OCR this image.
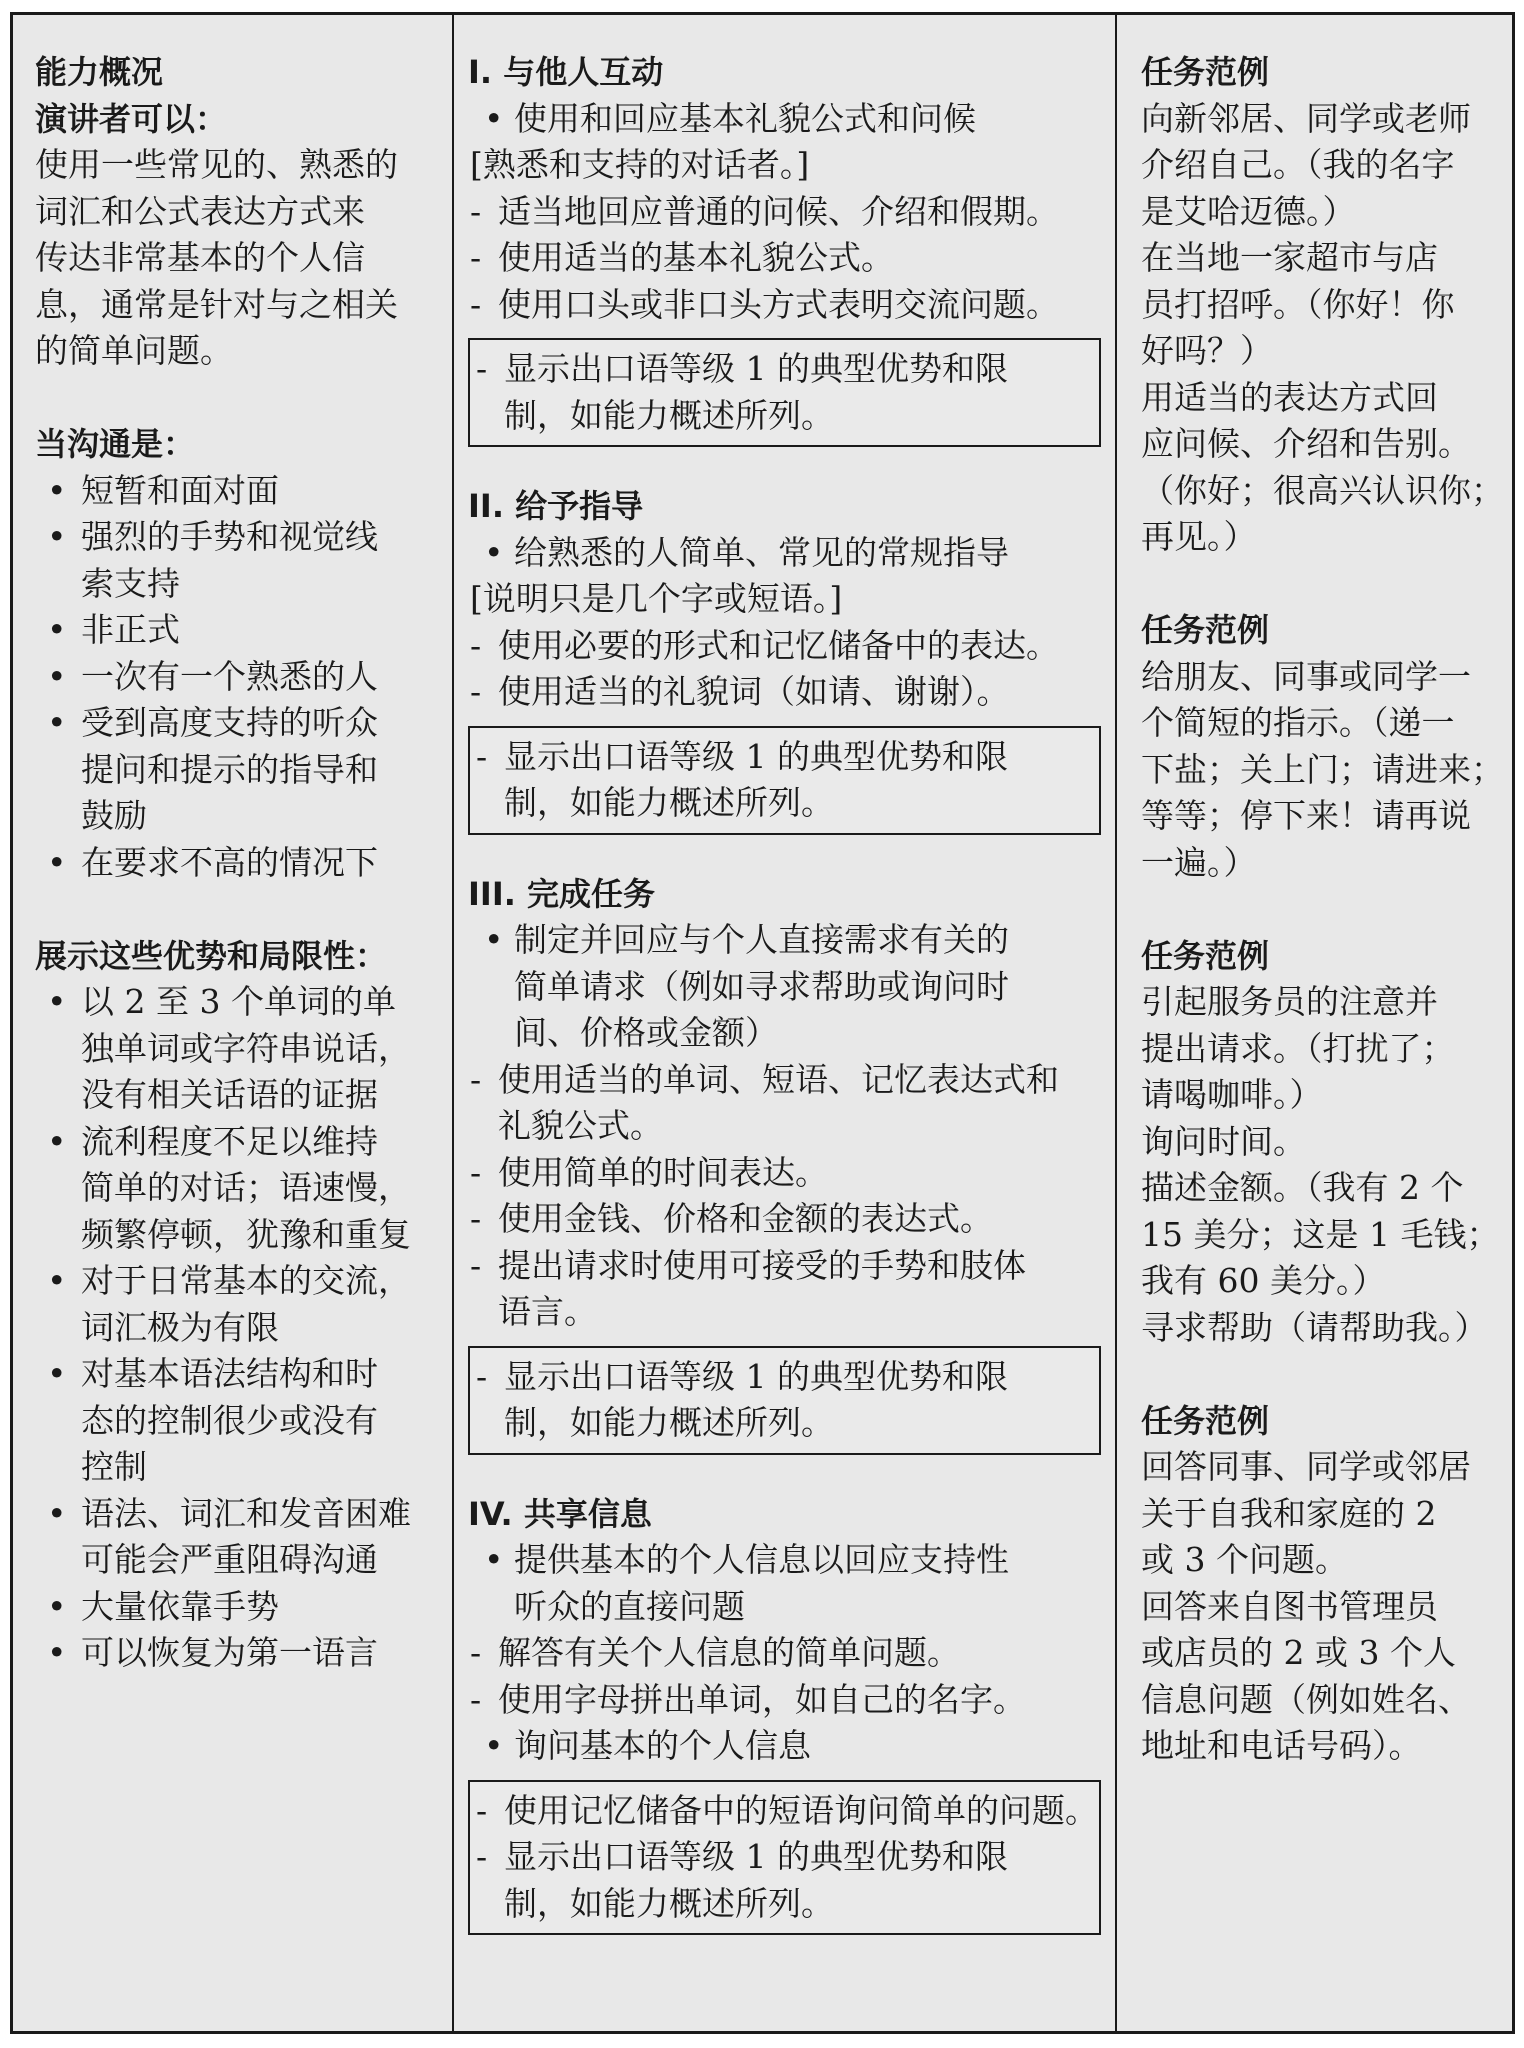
能力概况
演讲者可以：
使用一些常见的、熟悉的
词汇和公式表达方式来
传达非常基本的个人信
息，通常是针对与之相关
的简单问题。
当沟通是：
• 短暂和面对面
• 强烈的手势和视觉线
索支持
• 非正式
• 一次有一个熟悉的人
• 受到高度支持的听众
提问和提示的指导和
鼓励
• 在要求不高的情况下
展示这些优势和局限性：
• 以 2 至 3 个单词的单
独单词或字符串说话，
没有相关话语的证据
• 流利程度不足以维持
简单的对话；语速慢，
频繁停顿，犹豫和重复
• 对于日常基本的交流，
词汇极为有限
• 对基本语法结构和时
态的控制很少或没有
控制
• 语法、词汇和发音困难
可能会严重阻碍沟通
• 大量依靠手势
• 可以恢复为第一语言
I. 与他人互动
• 使用和回应基本礼貌公式和问候
[熟悉和支持的对话者。]
- 适当地回应普通的问候、介绍和假期。
- 使用适当的基本礼貌公式。
- 使用口头或非口头方式表明交流问题。
- 显示出口语等级 1 的典型优势和限
制，如能力概述所列。
II. 给予指导
• 给熟悉的人简单、常见的常规指导
[说明只是几个字或短语。]
- 使用必要的形式和记忆储备中的表达。
- 使用适当的礼貌词（如请、谢谢）。
- 显示出口语等级 1 的典型优势和限
制，如能力概述所列。
III. 完成任务
• 制定并回应与个人直接需求有关的
简单请求（例如寻求帮助或询问时
间、价格或金额）
- 使用适当的单词、短语、记忆表达式和
礼貌公式。
- 使用简单的时间表达。
- 使用金钱、价格和金额的表达式。
- 提出请求时使用可接受的手势和肢体
语言。
- 显示出口语等级 1 的典型优势和限
制，如能力概述所列。
IV. 共享信息
• 提供基本的个人信息以回应支持性
听众的直接问题
- 解答有关个人信息的简单问题。
- 使用字母拼出单词，如自己的名字。
• 询问基本的个人信息
- 使用记忆储备中的短语询问简单的问题。
- 显示出口语等级 1 的典型优势和限
制，如能力概述所列。
任务范例
向新邻居、同学或老师
介绍自己。（我的名字
是艾哈迈德。）
在当地一家超市与店
员打招呼。（你好！你
好吗？）
用适当的表达方式回
应问候、介绍和告别。
（你好；很高兴认识你；
再见。）
任务范例
给朋友、同事或同学一
个简短的指示。（递一
下盐；关上门；请进来；
等等；停下来！请再说
一遍。）
任务范例
引起服务员的注意并
提出请求。（打扰了；
请喝咖啡。）
询问时间。
描述金额。（我有 2 个
15 美分；这是 1 毛钱；
我有 60 美分。）
寻求帮助（请帮助我。）
任务范例
回答同事、同学或邻居
关于自我和家庭的 2
或 3 个问题。
回答来自图书管理员
或店员的 2 或 3 个人
信息问题（例如姓名、
地址和电话号码）。
